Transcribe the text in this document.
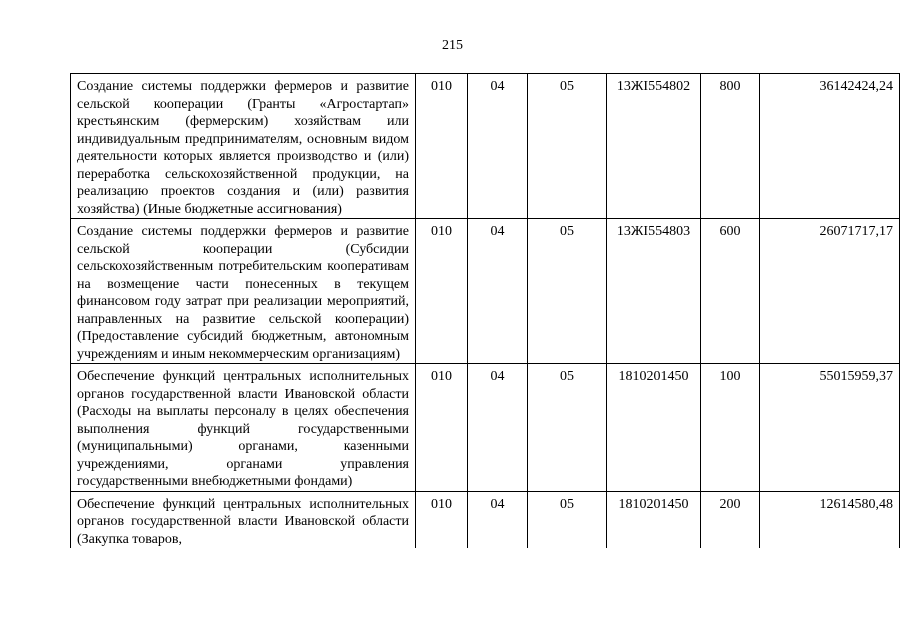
215
Создание системы поддержки фермеров и развитие сельской кооперации (Гранты «Агростартап» крестьянским (фермерским) хозяйствам или индивидуальным предпринимателям, основным видом деятельности которых является производство и (или) переработка сельскохозяйственной продукции, на реализацию проектов создания и (или) развития хозяйства) (Иные бюджетные ассигнования)	010	04	05	13ЖI554802	800	36142424,24
Создание системы поддержки фермеров и развитие сельской кооперации (Субсидии сельскохозяйственным потребительским кооперативам на возмещение части понесенных в текущем финансовом году затрат при реализации мероприятий, направленных на развитие сельской кооперации) (Предоставление субсидий бюджетным, автономным учреждениям и иным некоммерческим организациям)	010	04	05	13ЖI554803	600	26071717,17
Обеспечение функций центральных исполнительных органов государственной власти Ивановской области (Расходы на выплаты персоналу в целях обеспечения выполнения функций государственными (муниципальными) органами, казенными учреждениями, органами управления государственными внебюджетными фондами)	010	04	05	1810201450	100	55015959,37
Обеспечение функций центральных исполнительных органов государственной власти Ивановской области (Закупка товаров,	010	04	05	1810201450	200	12614580,48
